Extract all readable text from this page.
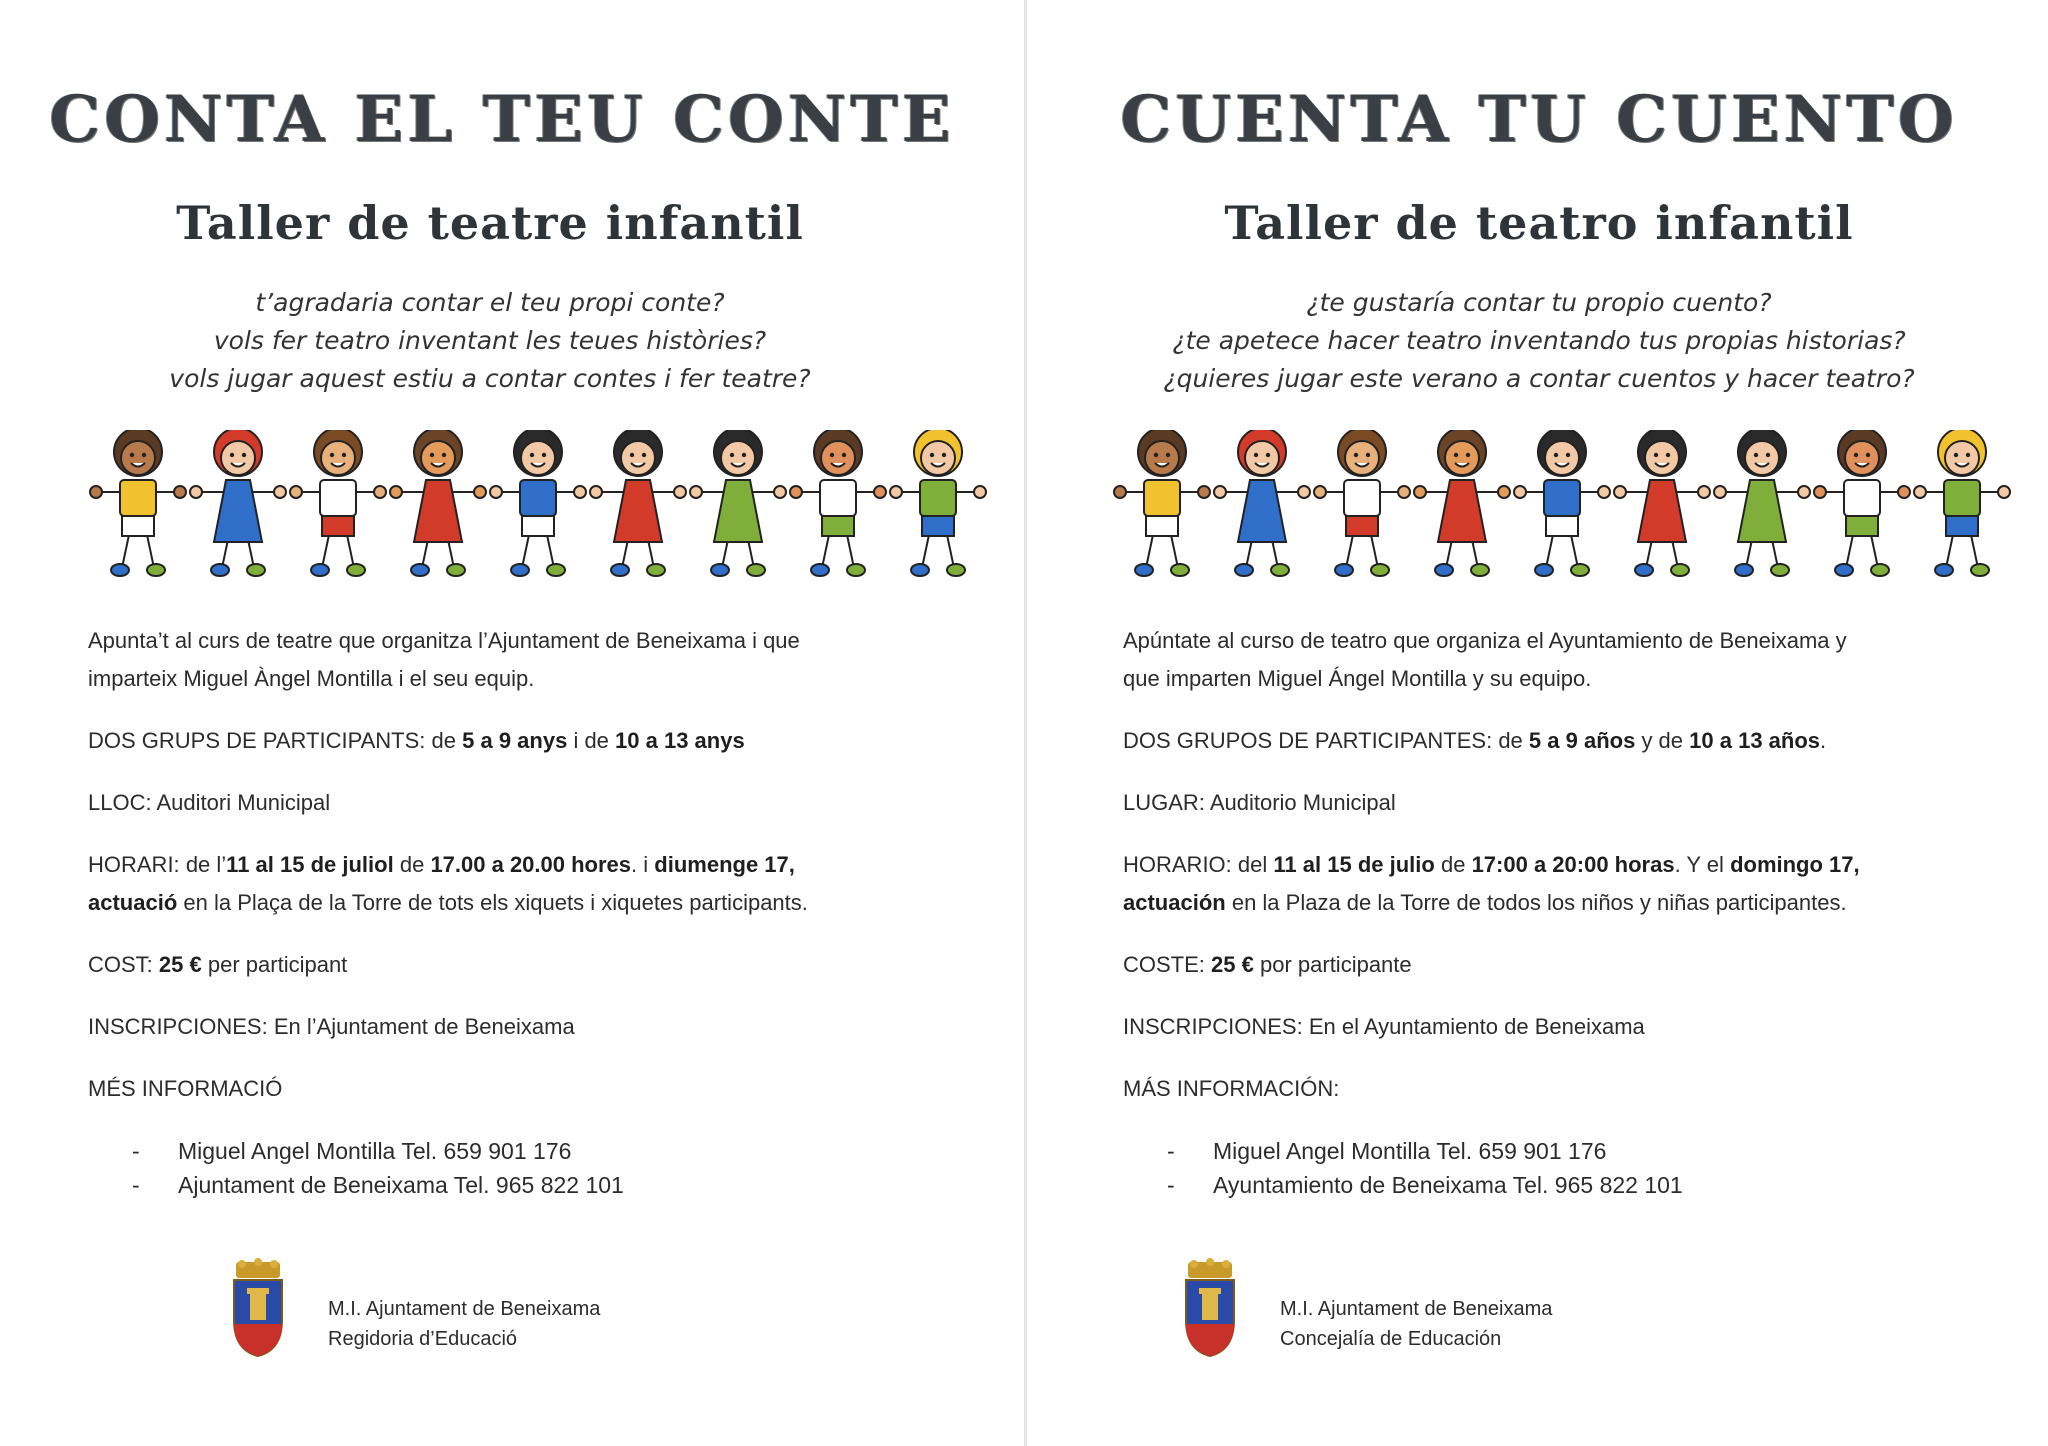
CONTA EL TEU CONTE
Taller de teatre infantil
t’agradaria contar el teu propi conte?
vols fer teatro inventant les teues històries?
vols jugar aquest estiu a contar contes i fer teatre?
Apunta’t al curs de teatre que organitza l’Ajuntament de Beneixama i que
imparteix Miguel Àngel Montilla i el seu equip.
DOS GRUPS DE PARTICIPANTS: de 5 a 9 anys i de 10 a 13 anys
LLOC: Auditori Municipal
HORARI: de l’11 al 15 de juliol de 17.00 a 20.00 hores. i diumenge 17,
actuació en la Plaça de la Torre de tots els xiquets i xiquetes participants.
COST: 25 € per participant
INSCRIPCIONES: En l’Ajuntament de Beneixama
MÉS INFORMACIÓ
- Miguel Angel Montilla Tel. 659 901 176
- Ajuntament de Beneixama Tel. 965 822 101
M.I. Ajuntament de Beneixama
Regidoria d’Educació
CUENTA TU CUENTO
Taller de teatro infantil
¿te gustaría contar tu propio cuento?
¿te apetece hacer teatro inventando tus propias historias?
¿quieres jugar este verano a contar cuentos y hacer teatro?
Apúntate al curso de teatro que organiza el Ayuntamiento de Beneixama y
que imparten Miguel Ángel Montilla y su equipo.
DOS GRUPOS DE PARTICIPANTES: de 5 a 9 años y de 10 a 13 años.
LUGAR: Auditorio Municipal
HORARIO: del 11 al 15 de julio de 17:00 a 20:00 horas. Y el domingo 17,
actuación en la Plaza de la Torre de todos los niños y niñas participantes.
COSTE: 25 € por participante
INSCRIPCIONES: En el Ayuntamiento de Beneixama
MÁS INFORMACIÓN:
- Miguel Angel Montilla Tel. 659 901 176
- Ayuntamiento de Beneixama Tel. 965 822 101
M.I. Ajuntament de Beneixama
Concejalía de Educación
